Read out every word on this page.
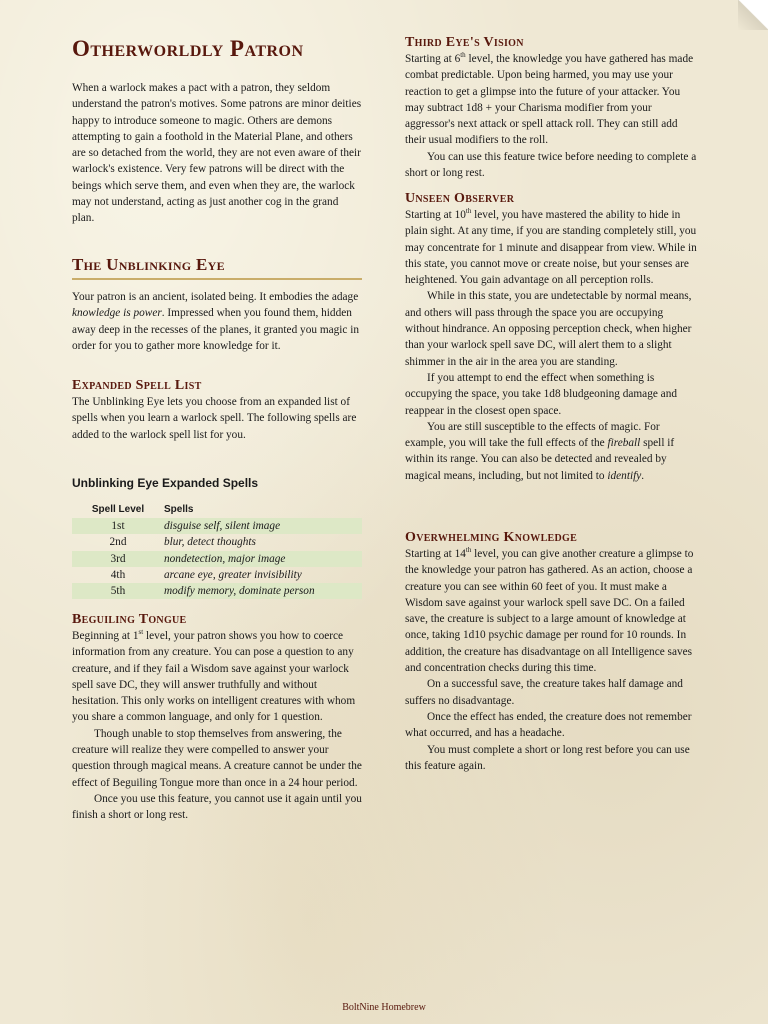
Otherworldly Patron

When a warlock makes a pact with a patron, they seldom understand the patron's motives. Some patrons are minor deities happy to introduce someone to magic. Others are demons attempting to gain a foothold in the Material Plane, and others are so detached from the world, they are not even aware of their warlock's existence. Very few patrons will be direct with the beings which serve them, and even when they are, the warlock may not understand, acting as just another cog in the grand plan.

The Unblinking Eye

Your patron is an ancient, isolated being. It embodies the adage knowledge is power. Impressed when you found them, hidden away deep in the recesses of the planes, it granted you magic in order for you to gather more knowledge for it.

Expanded Spell List

The Unblinking Eye lets you choose from an expanded list of spells when you learn a warlock spell. The following spells are added to the warlock spell list for you.

Unblinking Eye Expanded Spells

Spell Level	Spells
1st	disguise self, silent image
2nd	blur, detect thoughts
3rd	nondetection, major image
4th	arcane eye, greater invisibility
5th	modify memory, dominate person
Beguiling Tongue

Beginning at 1st level, your patron shows you how to coerce information from any creature. You can pose a question to any creature, and if they fail a Wisdom save against your warlock spell save DC, they will answer truthfully and without hesitation. This only works on intelligent creatures with whom you share a common language, and only for 1 question.

Though unable to stop themselves from answering, the creature will realize they were compelled to answer your question through magical means. A creature cannot be under the effect of Beguiling Tongue more than once in a 24 hour period.

Once you use this feature, you cannot use it again until you finish a short or long rest.

Third Eye's Vision

Starting at 6th level, the knowledge you have gathered has made combat predictable. Upon being harmed, you may use your reaction to get a glimpse into the future of your attacker. You may subtract 1d8 + your Charisma modifier from your aggressor's next attack or spell attack roll. They can still add their usual modifiers to the roll.

You can use this feature twice before needing to complete a short or long rest.

Unseen Observer

Starting at 10th level, you have mastered the ability to hide in plain sight. At any time, if you are standing completely still, you may concentrate for 1 minute and disappear from view. While in this state, you cannot move or create noise, but your senses are heightened. You gain advantage on all perception rolls.

While in this state, you are undetectable by normal means, and others will pass through the space you are occupying without hindrance. An opposing perception check, when higher than your warlock spell save DC, will alert them to a slight shimmer in the air in the area you are standing.

If you attempt to end the effect when something is occupying the space, you take 1d8 bludgeoning damage and reappear in the closest open space.

You are still susceptible to the effects of magic. For example, you will take the full effects of the fireball spell if within its range. You can also be detected and revealed by magical means, including, but not limited to identify.

Overwhelming Knowledge

Starting at 14th level, you can give another creature a glimpse to the knowledge your patron has gathered. As an action, choose a creature you can see within 60 feet of you. It must make a Wisdom save against your warlock spell save DC. On a failed save, the creature is subject to a large amount of knowledge at once, taking 1d10 psychic damage per round for 10 rounds. In addition, the creature has disadvantage on all Intelligence saves and concentration checks during this time.

On a successful save, the creature takes half damage and suffers no disadvantage.

Once the effect has ended, the creature does not remember what occurred, and has a headache.

You must complete a short or long rest before you can use this feature again.

BoltNine Homebrew
